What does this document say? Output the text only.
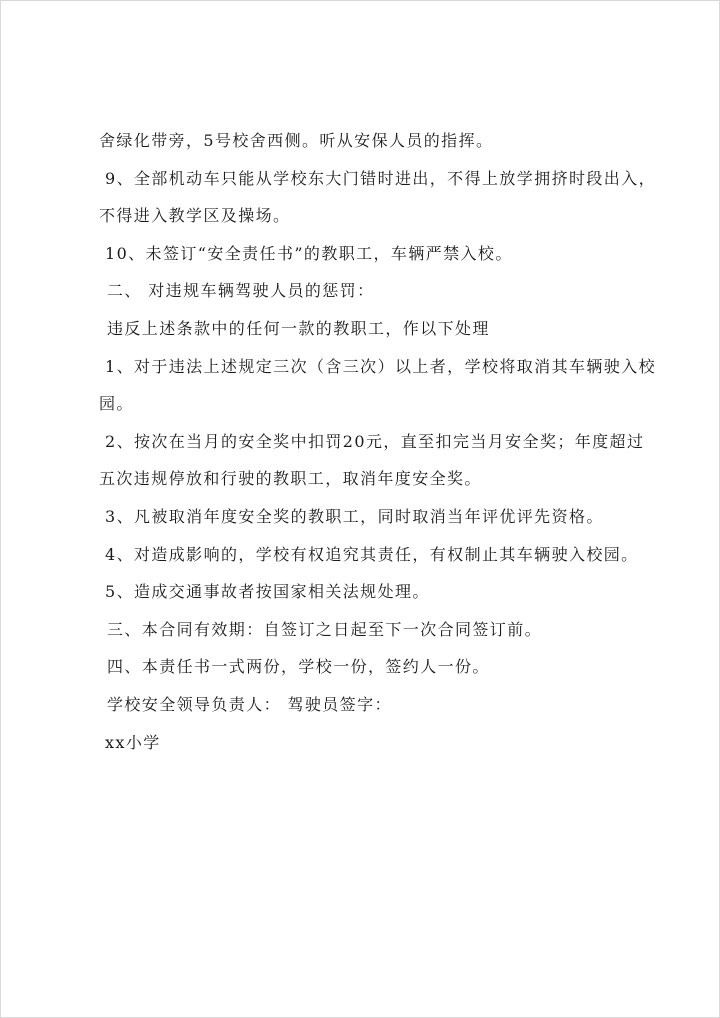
舍绿化带旁，5号校舍西侧。听从安保人员的指挥。
9、全部机动车只能从学校东大门错时进出，不得上放学拥挤时段出入，
不得进入教学区及操场。
10、未签订“安全责任书”的教职工，车辆严禁入校。
二、 对违规车辆驾驶人员的惩罚：
违反上述条款中的任何一款的教职工，作以下处理
1、对于违法上述规定三次（含三次）以上者，学校将取消其车辆驶入校
园。
2、按次在当月的安全奖中扣罚20元，直至扣完当月安全奖；年度超过
五次违规停放和行驶的教职工，取消年度安全奖。
3、凡被取消年度安全奖的教职工，同时取消当年评优评先资格。
4、对造成影响的，学校有权追究其责任，有权制止其车辆驶入校园。
5、造成交通事故者按国家相关法规处理。
三、本合同有效期：自签订之日起至下一次合同签订前。
四、本责任书一式两份，学校一份，签约人一份。
学校安全领导负责人： 驾驶员签字：
xx小学
